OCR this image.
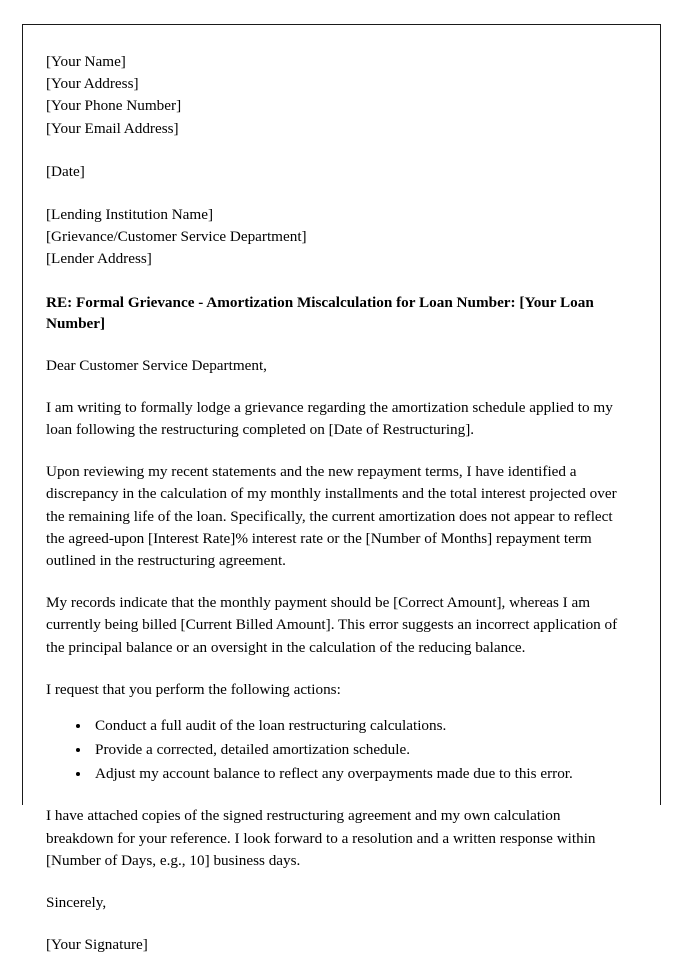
[Your Name]
[Your Address]
[Your Phone Number]
[Your Email Address]
[Date]
[Lending Institution Name]
[Grievance/Customer Service Department]
[Lender Address]

RE: Formal Grievance - Amortization Miscalculation for Loan Number: [Your Loan Number]

Dear Customer Service Department,

I am writing to formally lodge a grievance regarding the amortization schedule applied to my loan following the restructuring completed on [Date of Restructuring].

Upon reviewing my recent statements and the new repayment terms, I have identified a discrepancy in the calculation of my monthly installments and the total interest projected over the remaining life of the loan. Specifically, the current amortization does not appear to reflect the agreed-upon [Interest Rate]% interest rate or the [Number of Months] repayment term outlined in the restructuring agreement.

My records indicate that the monthly payment should be [Correct Amount], whereas I am currently being billed [Current Billed Amount]. This error suggests an incorrect application of the principal balance or an oversight in the calculation of the reducing balance.

I request that you perform the following actions:

• Conduct a full audit of the loan restructuring calculations.
• Provide a corrected, detailed amortization schedule.
• Adjust my account balance to reflect any overpayments made due to this error.

I have attached copies of the signed restructuring agreement and my own calculation breakdown for your reference. I look forward to a resolution and a written response within [Number of Days, e.g., 10] business days.

Sincerely,

[Your Signature]
